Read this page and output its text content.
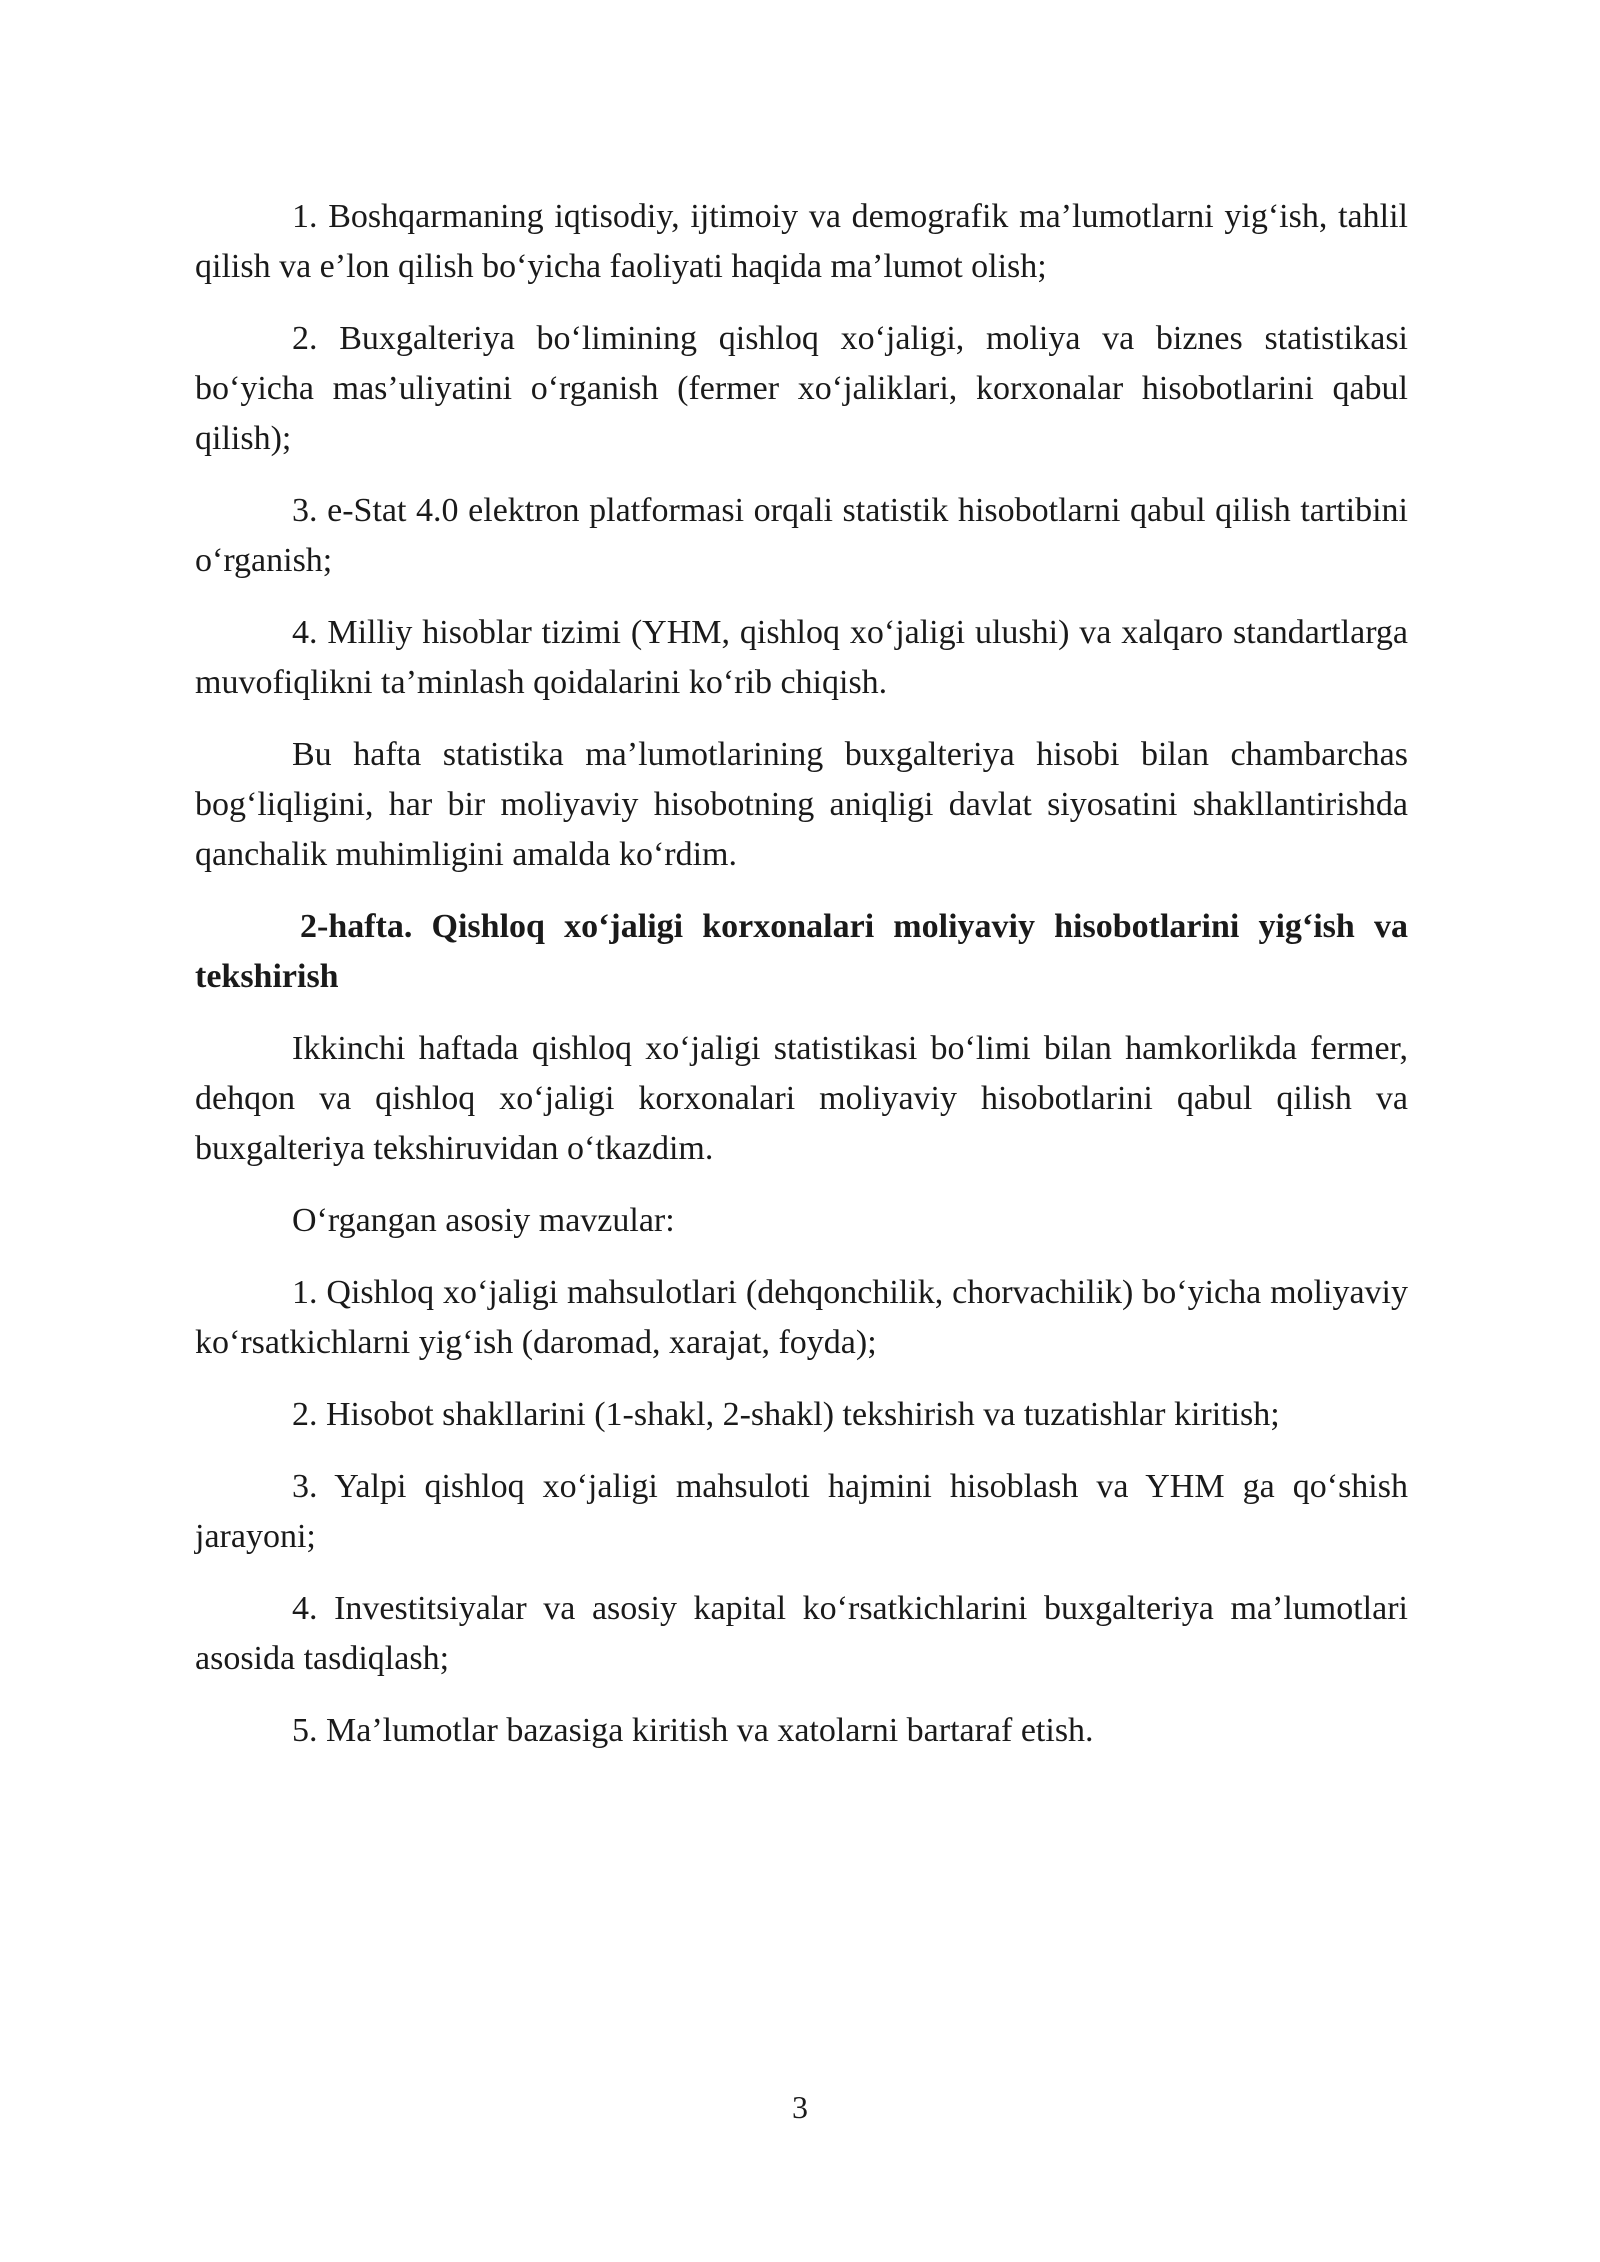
1. Boshqarmaning iqtisodiy, ijtimoiy va demografik ma’lumotlarni yig‘ish, tahlil qilish va e’lon qilish bo‘yicha faoliyati haqida ma’lumot olish;

2. Buxgalteriya bo‘limining qishloq xo‘jaligi, moliya va biznes statistikasi bo‘yicha mas’uliyatini o‘rganish (fermer xo‘jaliklari, korxonalar hisobotlarini qabul qilish);

3. e-Stat 4.0 elektron platformasi orqali statistik hisobotlarni qabul qilish tartibini o‘rganish;

4. Milliy hisoblar tizimi (YHM, qishloq xo‘jaligi ulushi) va xalqaro standartlarga muvofiqlikni ta’minlash qoidalarini ko‘rib chiqish.

Bu hafta statistika ma’lumotlarining buxgalteriya hisobi bilan chambarchas bog‘liqligini, har bir moliyaviy hisobotning aniqligi davlat siyosatini shakllantirishda qanchalik muhimligini amalda ko‘rdim.

2-hafta. Qishloq xo‘jaligi korxonalari moliyaviy hisobotlarini yig‘ish va tekshirish

Ikkinchi haftada qishloq xo‘jaligi statistikasi bo‘limi bilan hamkorlikda fermer, dehqon va qishloq xo‘jaligi korxonalari moliyaviy hisobotlarini qabul qilish va buxgalteriya tekshiruvidan o‘tkazdim.

O‘rgangan asosiy mavzular:

1. Qishloq xo‘jaligi mahsulotlari (dehqonchilik, chorvachilik) bo‘yicha moliyaviy ko‘rsatkichlarni yig‘ish (daromad, xarajat, foyda);

2. Hisobot shakllarini (1-shakl, 2-shakl) tekshirish va tuzatishlar kiritish;

3. Yalpi qishloq xo‘jaligi mahsuloti hajmini hisoblash va YHM ga qo‘shish jarayoni;

4. Investitsiyalar va asosiy kapital ko‘rsatkichlarini buxgalteriya ma’lumotlari asosida tasdiqlash;

5. Ma’lumotlar bazasiga kiritish va xatolarni bartaraf etish.

3
